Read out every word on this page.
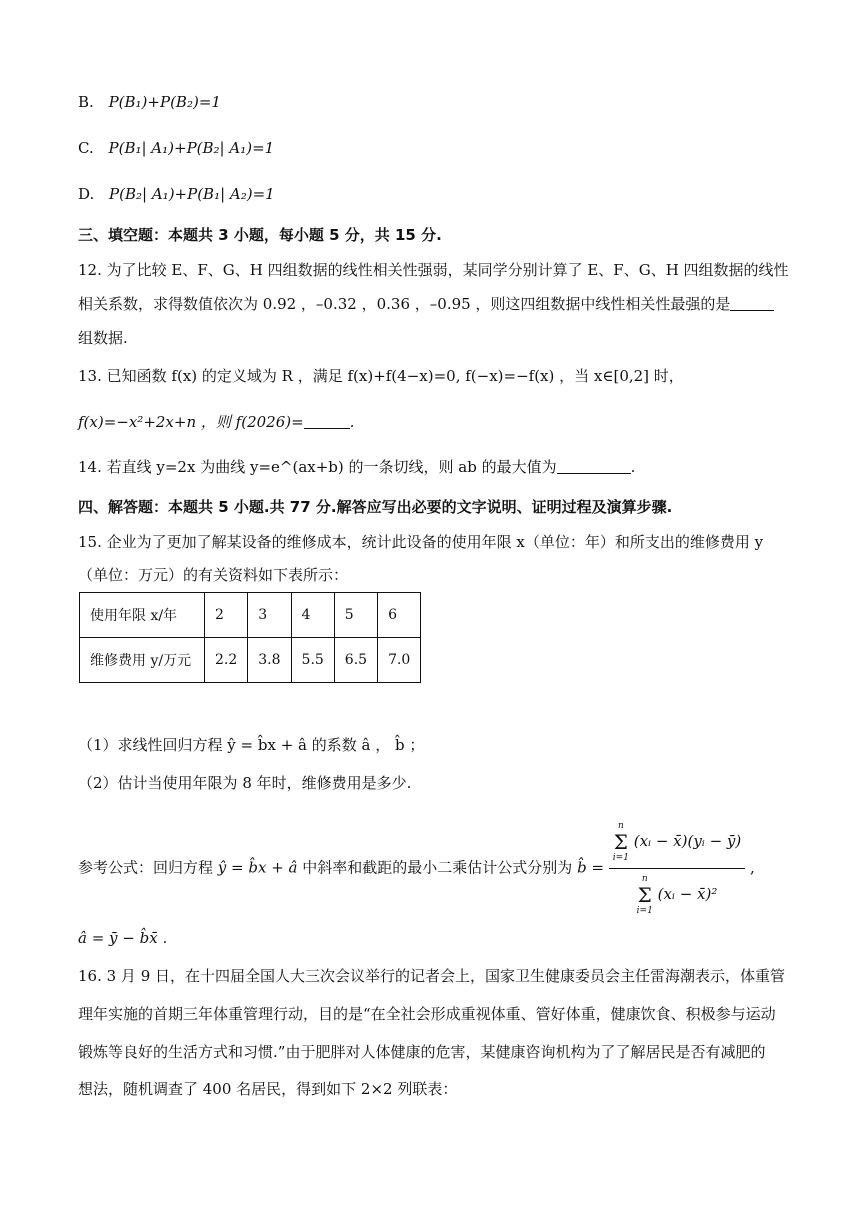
B. P(B₁)+P(B₂)=1
C. P(B₁| A₁)+P(B₂| A₁)=1
D. P(B₂| A₁)+P(B₁| A₂)=1
三、填空题：本题共 3 小题，每小题 5 分，共 15 分.
12. 为了比较 E、F、G、H 四组数据的线性相关性强弱，某同学分别计算了 E、F、G、H 四组数据的线性
相关系数，求得数值依次为 0.92 ，–0.32 ，0.36 ，–0.95 ，则这四组数据中线性相关性最强的是
组数据.
13. 已知函数 f(x) 的定义域为 R ，满足 f(x)+f(4−x)=0, f(−x)=−f(x) ，当 x∈[0,2] 时，
f(x)=−x²+2x+n ，则 f(2026)=	.
14. 若直线 y=2x 为曲线 y=e^(ax+b) 的一条切线，则 ab 的最大值为	.
四、解答题：本题共 5 小题.共 77 分.解答应写出必要的文字说明、证明过程及演算步骤.
15. 企业为了更加了解某设备的维修成本，统计此设备的使用年限 x（单位：年）和所支出的维修费用 y
（单位：万元）的有关资料如下表所示：
使用年限 x/年	2	3	4	5	6
维修费用 y/万元	2.2	3.8	5.5	6.5	7.0
（1）求线性回归方程 ŷ = b̂x + â 的系数 â ， b̂ ；
（2）估计当使用年限为 8 年时，维修费用是多少.
参考公式：回归方程 ŷ = b̂x + â 中斜率和截距的最小二乘估计公式分别为 b̂ = n
Σ
i=1
(xᵢ − x̄)(yᵢ − ȳ)
n
Σ
i=1
(xᵢ − x̄)² ,
â = ȳ − b̂x̄ .
16. 3 月 9 日，在十四届全国人大三次会议举行的记者会上，国家卫生健康委员会主任雷海潮表示，体重管
理年实施的首期三年体重管理行动，目的是“在全社会形成重视体重、管好体重，健康饮食、积极参与运动
锻炼等良好的生活方式和习惯.”由于肥胖对人体健康的危害，某健康咨询机构为了了解居民是否有减肥的
想法，随机调查了 400 名居民，得到如下 2×2 列联表：
